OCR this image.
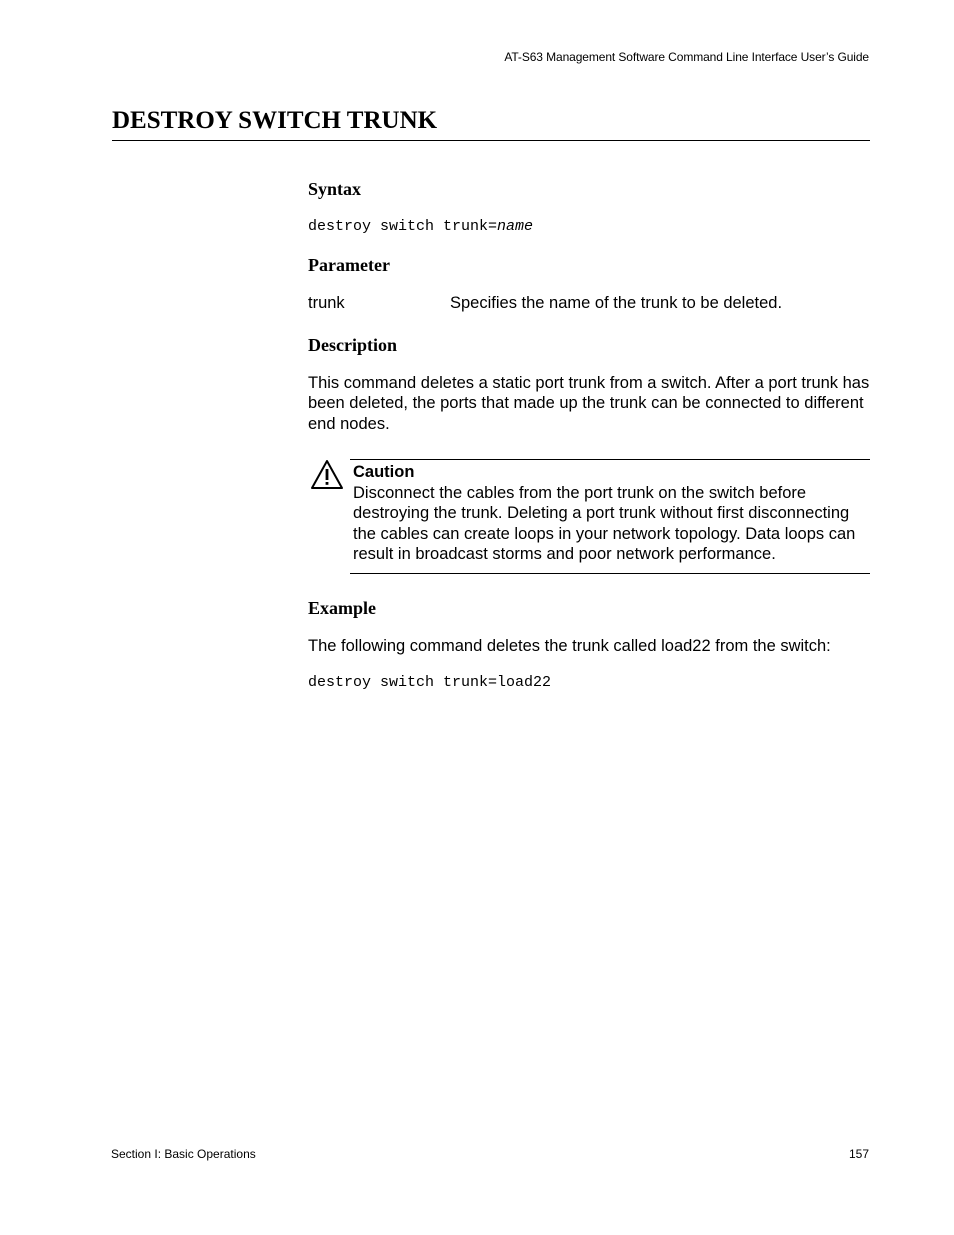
AT-S63 Management Software Command Line Interface User’s Guide
DESTROY SWITCH TRUNK
Syntax
destroy switch trunk=name
Parameter
trunk	Specifies the name of the trunk to be deleted.
Description

This command deletes a static port trunk from a switch. After a port trunk has been deleted, the ports that made up the trunk can be connected to different end nodes.

Caution

Disconnect the cables from the port trunk on the switch before destroying the trunk. Deleting a port trunk without first disconnecting the cables can create loops in your network topology. Data loops can result in broadcast storms and poor network performance.

Example

The following command deletes the trunk called load22 from the switch:

destroy switch trunk=load22
Section I: Basic Operations	157
